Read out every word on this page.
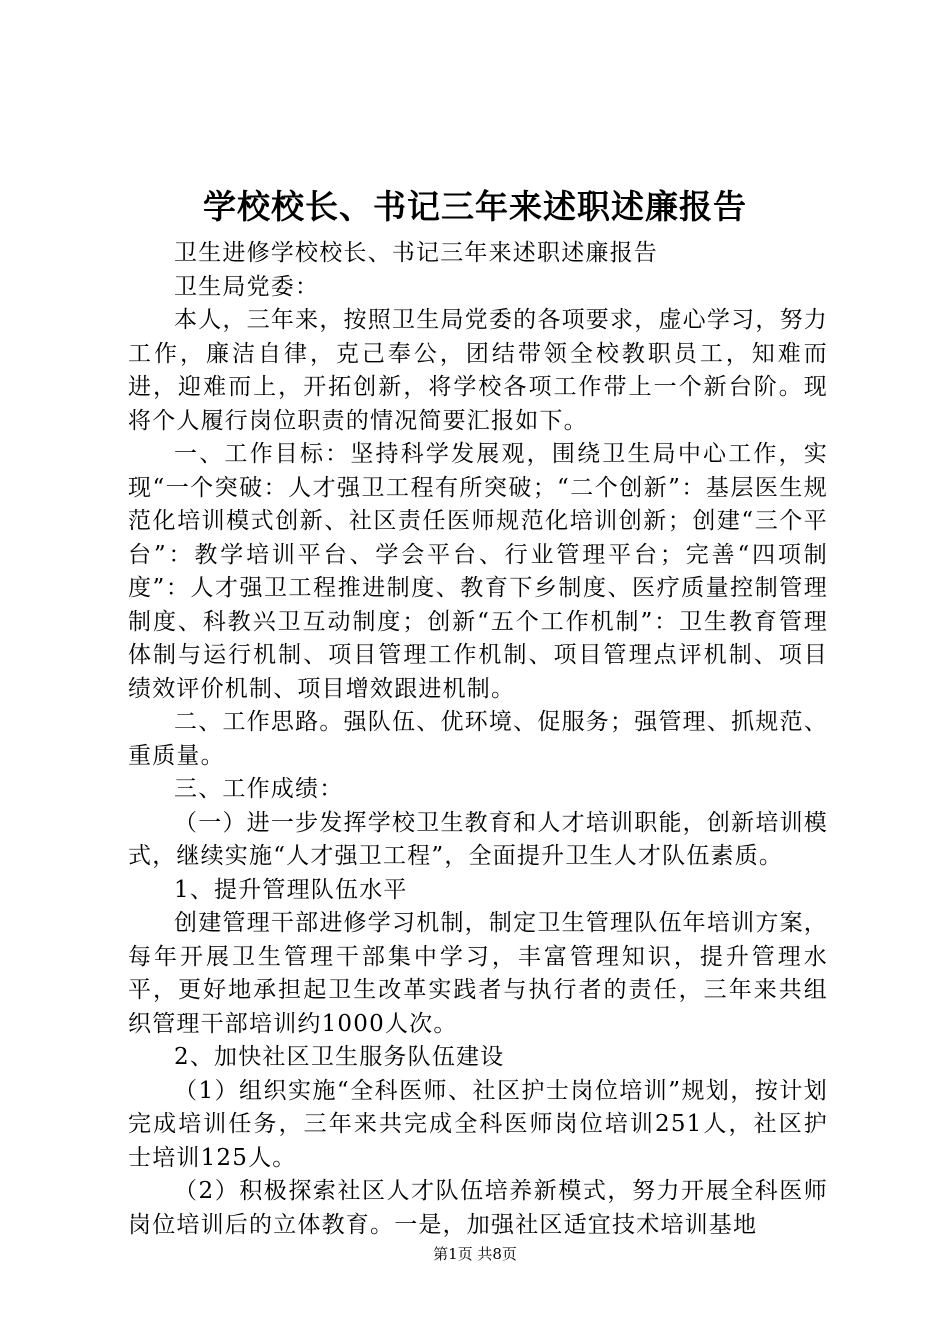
学校校长、书记三年来述职述廉报告

卫生进修学校校长、书记三年来述职述廉报告

卫生局党委：

本人，三年来，按照卫生局党委的各项要求，虚心学习，努力工作，廉洁自律，克己奉公，团结带领全校教职员工，知难而进，迎难而上，开拓创新，将学校各项工作带上一个新台阶。现将个人履行岗位职责的情况简要汇报如下。

一、工作目标：坚持科学发展观，围绕卫生局中心工作，实现“一个突破：人才强卫工程有所突破；“二个创新”：基层医生规范化培训模式创新、社区责任医师规范化培训创新；创建“三个平台”：教学培训平台、学会平台、行业管理平台；完善“四项制度”：人才强卫工程推进制度、教育下乡制度、医疗质量控制管理制度、科教兴卫互动制度；创新“五个工作机制”：卫生教育管理体制与运行机制、项目管理工作机制、项目管理点评机制、项目绩效评价机制、项目增效跟进机制。

二、工作思路。强队伍、优环境、促服务；强管理、抓规范、重质量。

三、工作成绩：

（一）进一步发挥学校卫生教育和人才培训职能，创新培训模式，继续实施“人才强卫工程”，全面提升卫生人才队伍素质。

1、提升管理队伍水平

创建管理干部进修学习机制，制定卫生管理队伍年培训方案，每年开展卫生管理干部集中学习，丰富管理知识，提升管理水平，更好地承担起卫生改革实践者与执行者的责任，三年来共组织管理干部培训约1000人次。

2、加快社区卫生服务队伍建设

（1）组织实施“全科医师、社区护士岗位培训”规划，按计划完成培训任务，三年来共完成全科医师岗位培训251人，社区护士培训125人。

（2）积极探索社区人才队伍培养新模式，努力开展全科医师岗位培训后的立体教育。一是，加强社区适宜技术培训基地

第1页 共8页
